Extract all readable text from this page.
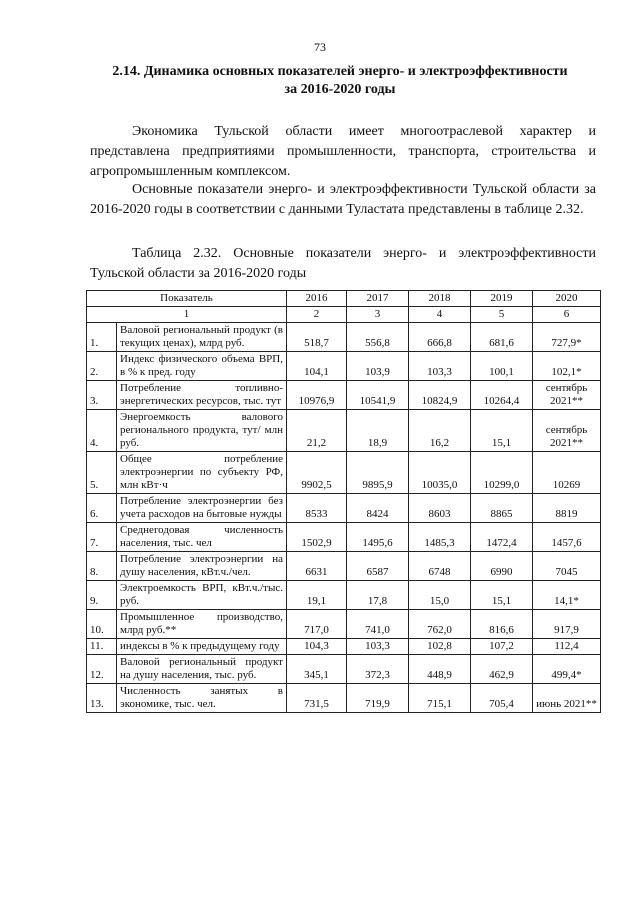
73
2.14. Динамика основных показателей энерго- и электроэффективности
за 2016-2020 годы

Экономика Тульской области имеет многоотраслевой характер и представлена предприятиями промышленности, транспорта, строительства и агропромышленным комплексом.

Основные показатели энерго- и электроэффективности Тульской области за 2016-2020 годы в соответствии с данными Туластата представлены в таблице 2.32.

Таблица 2.32. Основные показатели энерго- и электроэффективности Тульской области за 2016-2020 годы

Показатель		2016	2017	2018	2019	2020
1		2	3	4	5	6
1.	Валовой региональный продукт (в текущих ценах), млрд руб.	518,7	556,8	666,8	681,6	727,9*
2.	Индекс физического объема ВРП, в % к пред. году	104,1	103,9	103,3	100,1	102,1*
3.	Потребление топливно-энергетических ресурсов, тыс. тут	10976,9	10541,9	10824,9	10264,4	сентябрь 2021**
4.	Энергоемкость валового регионального продукта, тут/ млн руб.	21,2	18,9	16,2	15,1	сентябрь 2021**
5.	Общее потребление электроэнергии по субъекту РФ, млн кВт·ч	9902,5	9895,9	10035,0	10299,0	10269
6.	Потребление электроэнергии без учета расходов на бытовые нужды	8533	8424	8603	8865	8819
7.	Среднегодовая численность населения, тыс. чел	1502,9	1495,6	1485,3	1472,4	1457,6
8.	Потребление электроэнергии на душу населения, кВт.ч./чел.	6631	6587	6748	6990	7045
9.	Электроемкость ВРП, кВт.ч./тыс. руб.	19,1	17,8	15,0	15,1	14,1*
10.	Промышленное производство, млрд руб.**	717,0	741,0	762,0	816,6	917,9
11.	индексы в % к предыдущему году	104,3	103,3	102,8	107,2	112,4
12.	Валовой региональный продукт на душу населения, тыс. руб.	345,1	372,3	448,9	462,9	499,4*
13.	Численность занятых в экономике, тыс. чел.	731,5	719,9	715,1	705,4	июнь 2021**
